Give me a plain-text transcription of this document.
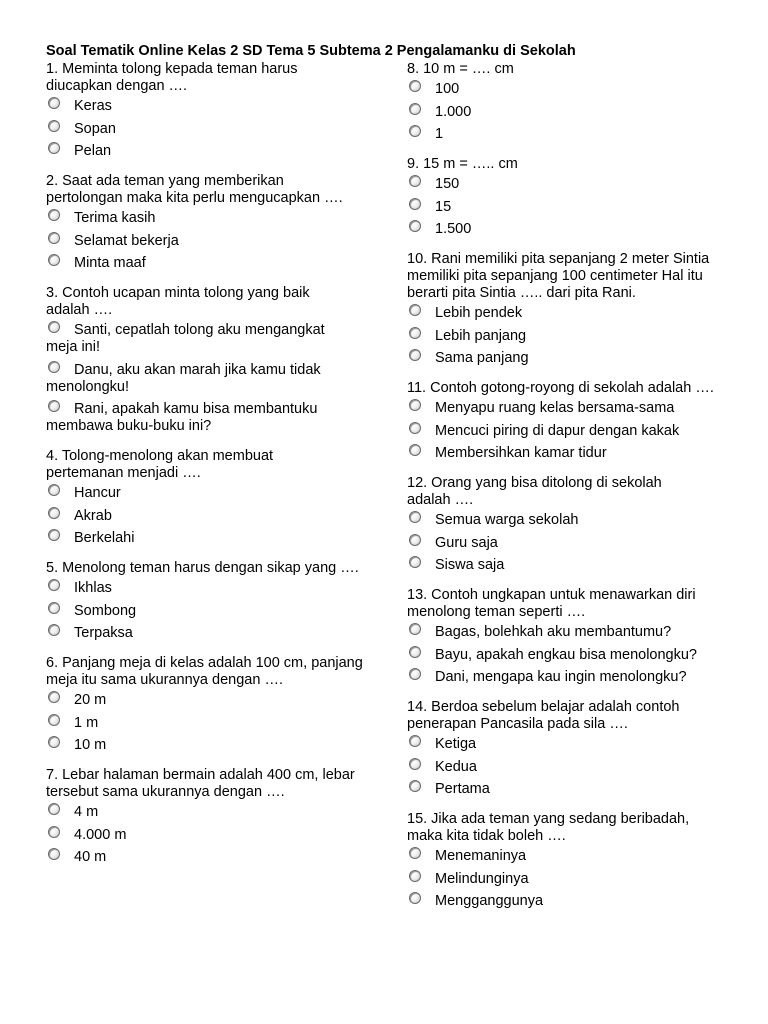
Soal Tematik Online Kelas 2 SD Tema 5 Subtema 2 Pengalamanku di Sekolah
1. Meminta tolong kepada teman harus diucapkan dengan ….
Keras
Sopan
Pelan
2. Saat ada teman yang memberikan pertolongan maka kita perlu mengucapkan ….
Terima kasih
Selamat bekerja
Minta maaf
3. Contoh ucapan minta tolong yang baik adalah ….
Santi, cepatlah tolong aku mengangkat meja ini!
Danu, aku akan marah jika kamu tidak menolongku!
Rani, apakah kamu bisa membantuku membawa buku-buku ini?
4. Tolong-menolong akan membuat pertemanan menjadi ….
Hancur
Akrab
Berkelahi
5. Menolong teman harus dengan sikap yang ….
Ikhlas
Sombong
Terpaksa
6. Panjang meja di kelas adalah 100 cm, panjang meja itu sama ukurannya dengan ….
20 m
1 m
10 m
7. Lebar halaman bermain adalah 400 cm, lebar tersebut sama ukurannya dengan ….
4 m
4.000 m
40 m
8. 10 m = …. cm
100
1.000
1
9. 15 m = ….. cm
150
15
1.500
10. Rani memiliki pita sepanjang 2 meter Sintia memiliki pita sepanjang 100 centimeter Hal itu berarti pita Sintia ….. dari pita Rani.
Lebih pendek
Lebih panjang
Sama panjang
11. Contoh gotong-royong di sekolah adalah ….
Menyapu ruang kelas bersama-sama
Mencuci piring di dapur dengan kakak
Membersihkan kamar tidur
12. Orang yang bisa ditolong di sekolah adalah ….
Semua warga sekolah
Guru saja
Siswa saja
13. Contoh ungkapan untuk menawarkan diri menolong teman seperti ….
Bagas, bolehkah aku membantumu?
Bayu, apakah engkau bisa menolongku?
Dani, mengapa kau ingin menolongku?
14. Berdoa sebelum belajar adalah contoh penerapan Pancasila pada sila ….
Ketiga
Kedua
Pertama
15. Jika ada teman yang sedang beribadah, maka kita tidak boleh ….
Menemaninya
Melindunginya
Mengganggunya
